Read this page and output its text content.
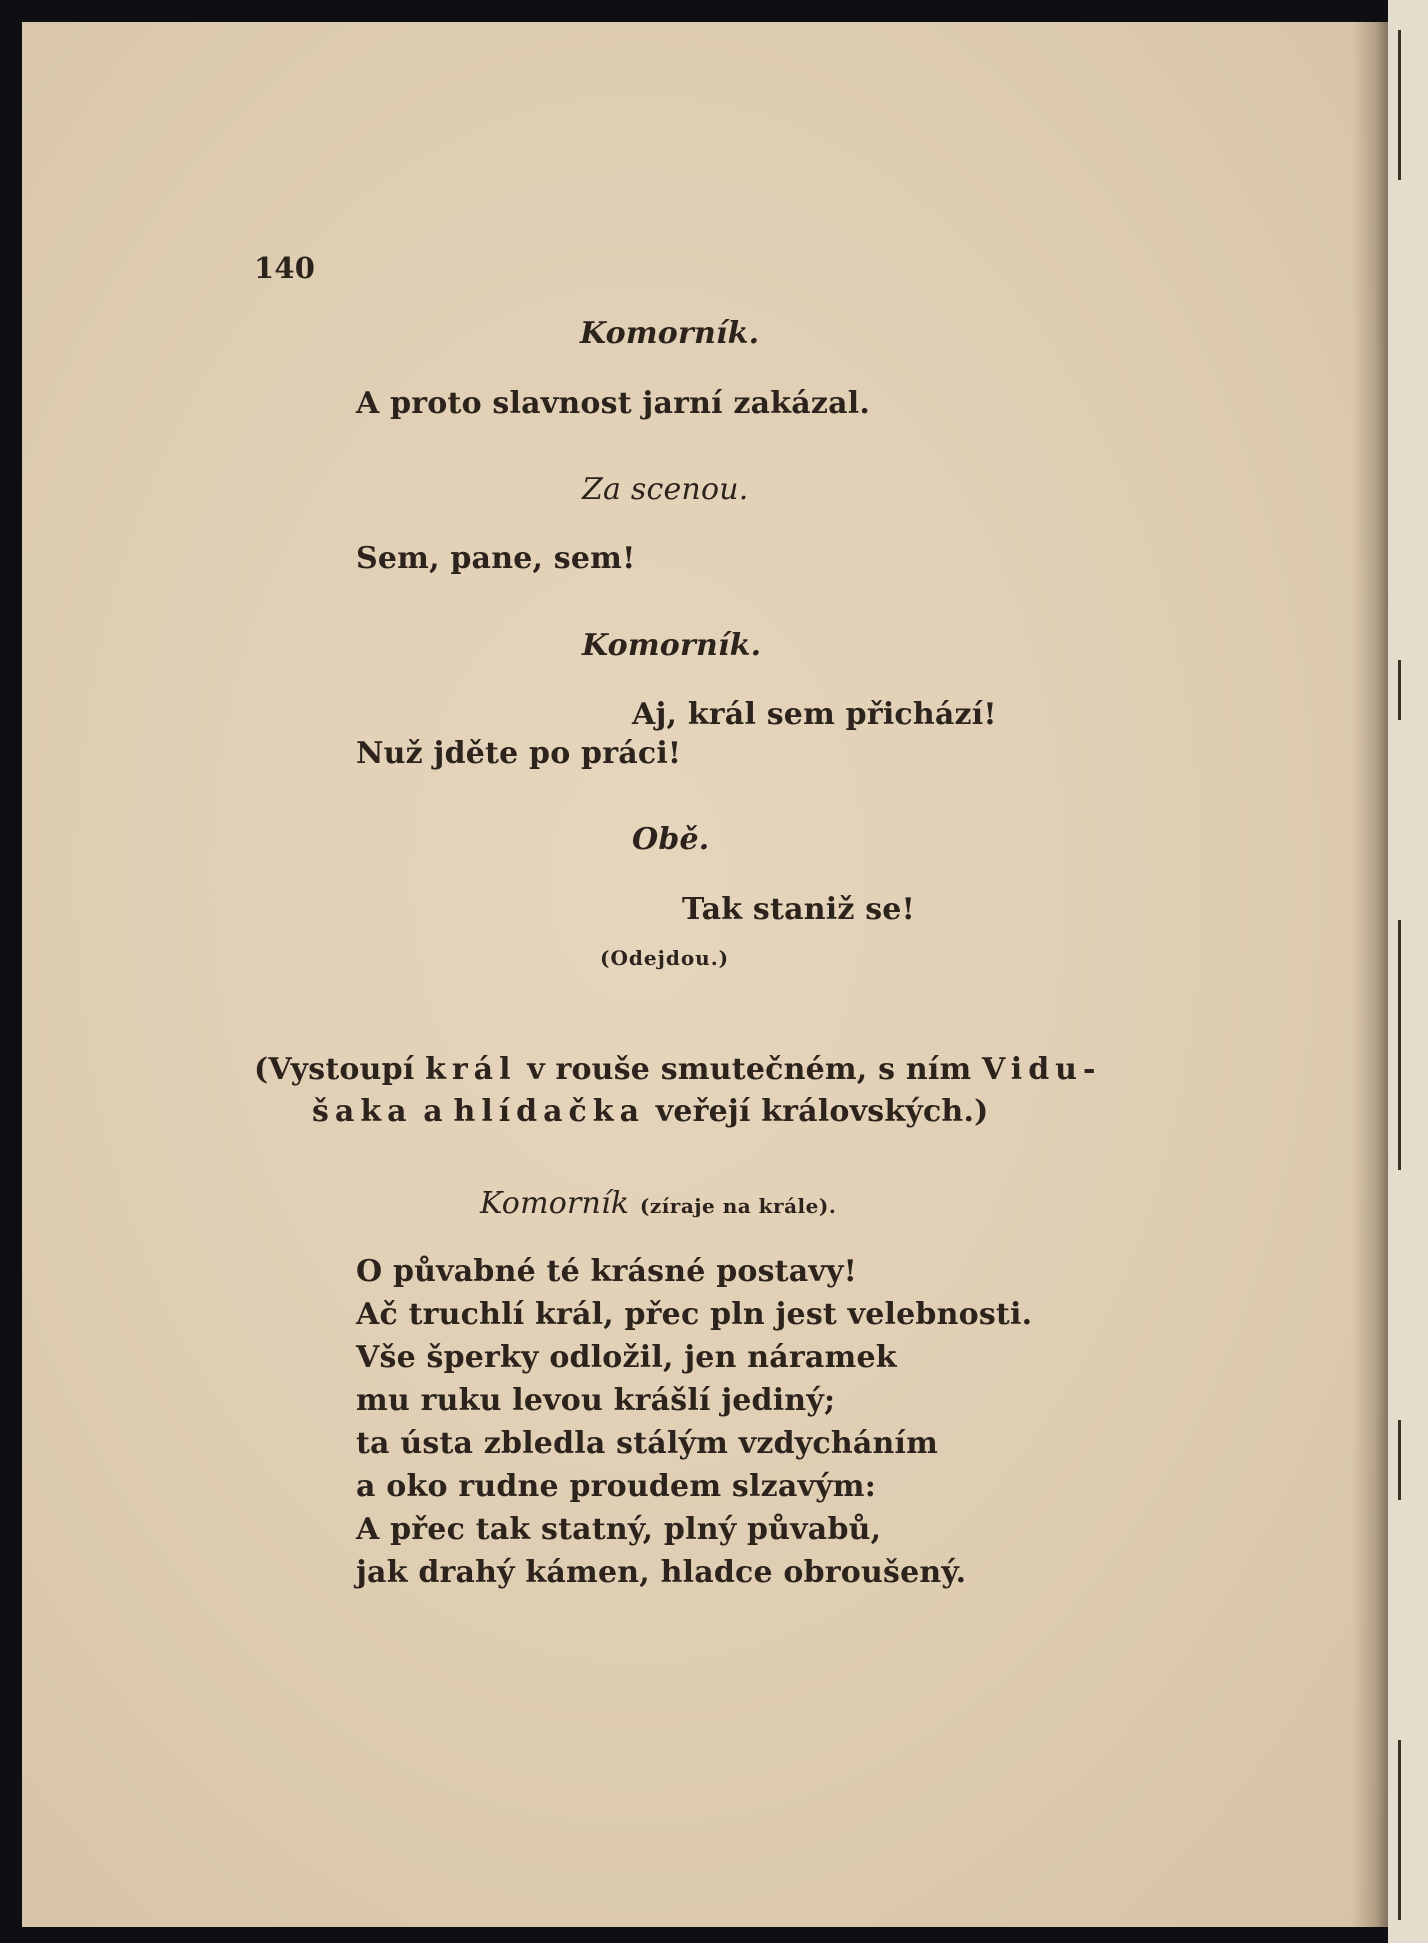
140
Komorník.
A proto slavnost jarní zakázal.
Za scenou.
Sem, pane, sem!
Komorník.
Aj, král sem přichází!
Nuž jděte po práci!
Obě.
Tak staniž se!
(Odejdou.)
(Vystoupí král v rouše smutečném, s ním Vidu-
šaka a hlídačka veřejí královských.)
Komorník (zíraje na krále).
O půvabné té krásné postavy!
Ač truchlí král, přec pln jest velebnosti.
Vše šperky odložil, jen náramek
mu ruku levou krášlí jediný;
ta ústa zbledla stálým vzdycháním
a oko rudne proudem slzavým:
A přec tak statný, plný půvabů,
jak drahý kámen, hladce obroušený.
